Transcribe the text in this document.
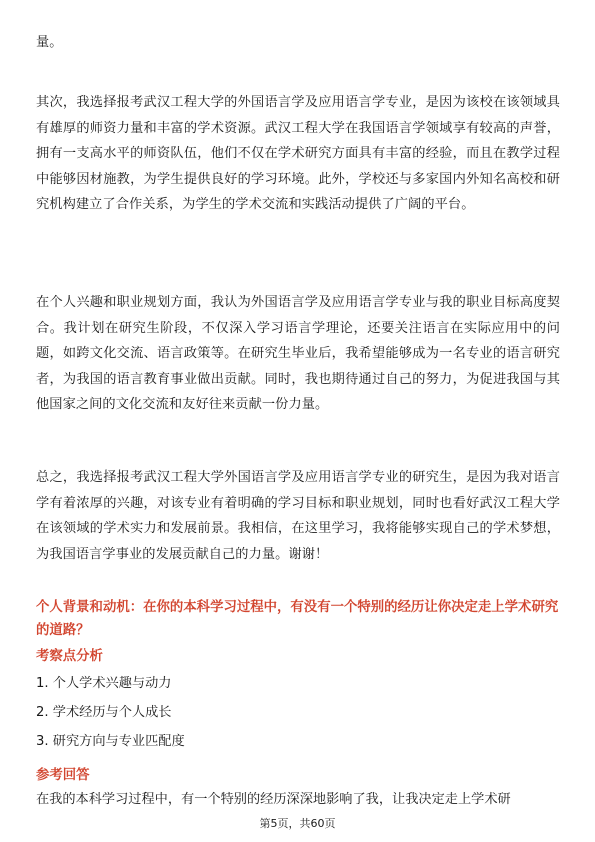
量。

其次，我选择报考武汉工程大学的外国语言学及应用语言学专业，是因为该校在该领域具有雄厚的师资力量和丰富的学术资源。武汉工程大学在我国语言学领域享有较高的声誉，拥有一支高水平的师资队伍，他们不仅在学术研究方面具有丰富的经验，而且在教学过程中能够因材施教，为学生提供良好的学习环境。此外，学校还与多家国内外知名高校和研究机构建立了合作关系，为学生的学术交流和实践活动提供了广阔的平台。

在个人兴趣和职业规划方面，我认为外国语言学及应用语言学专业与我的职业目标高度契合。我计划在研究生阶段，不仅深入学习语言学理论，还要关注语言在实际应用中的问题，如跨文化交流、语言政策等。在研究生毕业后，我希望能够成为一名专业的语言研究者，为我国的语言教育事业做出贡献。同时，我也期待通过自己的努力，为促进我国与其他国家之间的文化交流和友好往来贡献一份力量。

总之，我选择报考武汉工程大学外国语言学及应用语言学专业的研究生，是因为我对语言学有着浓厚的兴趣，对该专业有着明确的学习目标和职业规划，同时也看好武汉工程大学在该领域的学术实力和发展前景。我相信，在这里学习，我将能够实现自己的学术梦想，为我国语言学事业的发展贡献自己的力量。谢谢！

个人背景和动机：在你的本科学习过程中，有没有一个特别的经历让你决定走上学术研究的道路？

考察点分析

1. 个人学术兴趣与动力

2. 学术经历与个人成长

3. 研究方向与专业匹配度

参考回答

在我的本科学习过程中，有一个特别的经历深深地影响了我，让我决定走上学术研

第5页，共60页
